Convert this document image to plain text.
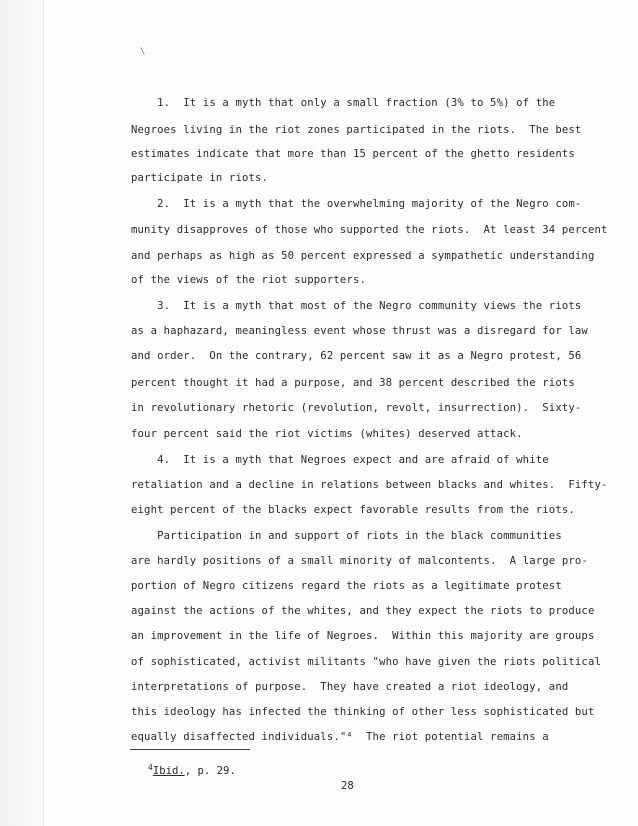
\
1.  It is a myth that only a small fraction (3% to 5%) of the
Negroes living in the riot zones participated in the riots.  The best
estimates indicate that more than 15 percent of the ghetto residents
participate in riots.
2.  It is a myth that the overwhelming majority of the Negro com-
munity disapproves of those who supported the riots.  At least 34 percent
and perhaps as high as 50 percent expressed a sympathetic understanding
of the views of the riot supporters.
3.  It is a myth that most of the Negro community views the riots
as a haphazard, meaningless event whose thrust was a disregard for law
and order.  On the contrary, 62 percent saw it as a Negro protest, 56
percent thought it had a purpose, and 38 percent described the riots
in revolutionary rhetoric (revolution, revolt, insurrection).  Sixty-
four percent said the riot victims (whites) deserved attack.
4.  It is a myth that Negroes expect and are afraid of white
retaliation and a decline in relations between blacks and whites.  Fifty-
eight percent of the blacks expect favorable results from the riots.
Participation in and support of riots in the black communities
are hardly positions of a small minority of malcontents.  A large pro-
portion of Negro citizens regard the riots as a legitimate protest
against the actions of the whites, and they expect the riots to produce
an improvement in the life of Negroes.  Within this majority are groups
of sophisticated, activist militants "who have given the riots political
interpretations of purpose.  They have created a riot ideology, and
this ideology has infected the thinking of other less sophisticated but
equally disaffected individuals."⁴  The riot potential remains a
$^4$Ibid., p. 29.
28
